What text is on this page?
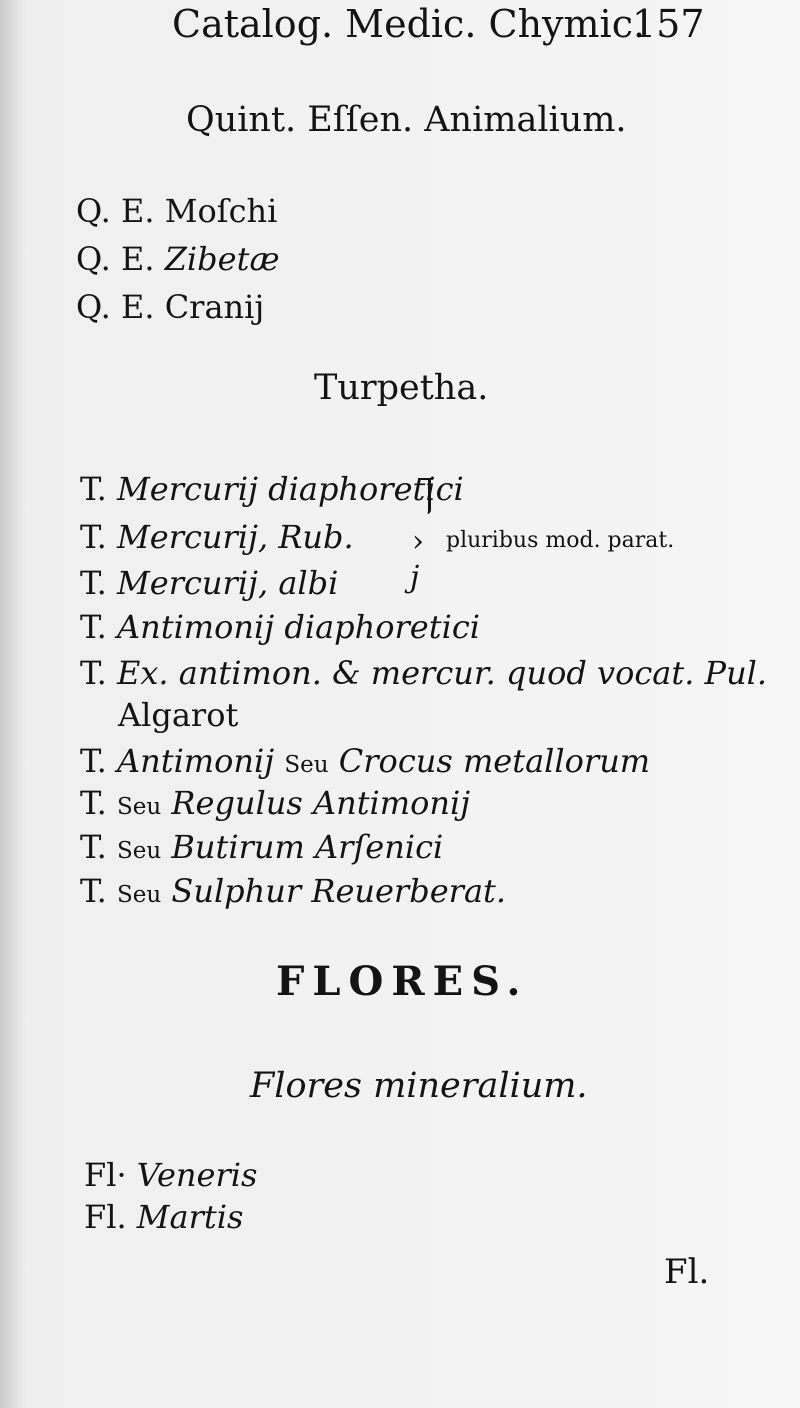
Catalog. Medic. Chymic.
157
Quint. Eſſen. Animalium.
Q. E. Moſchi
Q. E. Zibetæ
Q. E. Cranij
Turpetha.
T. Mercurij diaphoretici
T. Mercurij, Rub.
T. Mercurij, albi
›
j
pluribus mod. parat.
T. Antimonij diaphoretici
T. Ex. antimon. & mercur. quod vocat. Pul.
Algarot
T. Antimonij Seu Crocus metallorum
T. Seu Regulus Antimonij
T. Seu Butirum Arſenici
T. Seu Sulphur Reuerberat.
FLORES.
Flores mineralium.
Fl· Veneris
Fl. Martis
Fl.
